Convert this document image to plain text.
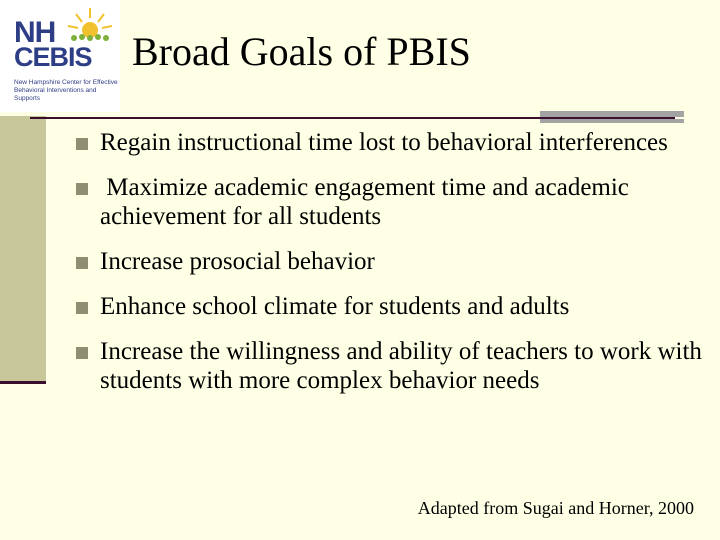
NH
CEBIS
New Hampshire Center for Effective Behavioral Interventions and Supports
Broad Goals of PBIS
Regain instructional time lost to behavioral interferences
Maximize academic engagement time and academic achievement for all students
Increase prosocial behavior
Enhance school climate for students and adults
Increase the willingness and ability of teachers to work with students with more complex behavior needs
Adapted from Sugai and Horner, 2000
